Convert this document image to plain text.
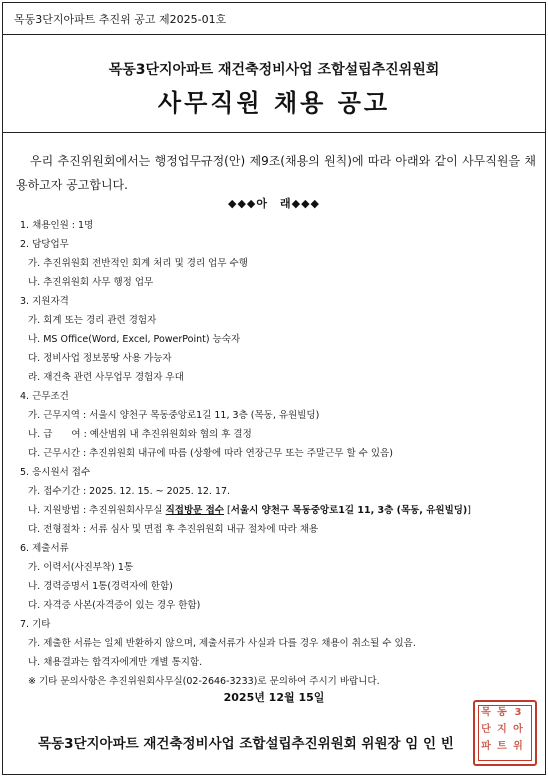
목동3단지아파트 추진위 공고 제2025-01호
목동3단지아파트 재건축정비사업 조합설립추진위원회
사무직원 채용 공고
우리 추진위원회에서는 행정업무규정(안) 제9조(채용의 원칙)에 따라 아래와 같이 사무직원을 채용하고자 공고합니다.
◆◆◆아　래◆◆◆
1. 채용인원 : 1명
2. 담당업무
가. 추진위원회 전반적인 회계 처리 및 경리 업무 수행
나. 추진위원회 사무 행정 업무
3. 지원자격
가. 회계 또는 경리 관련 경험자
나. MS Office(Word, Excel, PowerPoint) 능숙자
다. 정비사업 정보몽땅 사용 가능자
라. 재건축 관련 사무업무 경험자 우대
4. 근무조건
가. 근무지역 : 서울시 양천구 목동중앙로1길 11, 3층 (목동, 유원빌딩)
나. 급　　여 : 예산범위 내 추진위원회와 협의 후 결정
다. 근무시간 : 추진위원회 내규에 따름 (상황에 따라 연장근무 또는 주말근무 할 수 있음)
5. 응시원서 접수
가. 접수기간 : 2025. 12. 15. ~ 2025. 12. 17.
나. 지원방법 : 추진위원회사무실 직접방문 접수 [서울시 양천구 목동중앙로1길 11, 3층 (목동, 유원빌딩)]
다. 전형절차 : 서류 심사 및 면접 후 추진위원회 내규 절차에 따라 채용
6. 제출서류
가. 이력서(사진부착) 1통
나. 경력증명서 1통(경력자에 한함)
다. 자격증 사본(자격증이 있는 경우 한함)
7. 기타
가. 제출한 서류는 일체 반환하지 않으며, 제출서류가 사실과 다를 경우 채용이 취소될 수 있음.
나. 채용결과는 합격자에게만 개별 통지함.
※ 기타 문의사항은 추진위원회사무실(02-2646-3233)로 문의하여 주시기 바랍니다.
2025년 12월 15일
목동3단지아파트 재건축정비사업 조합설립추진위원회 위원장 임 인 빈
목 동 3
단 지 아
파 트 위
